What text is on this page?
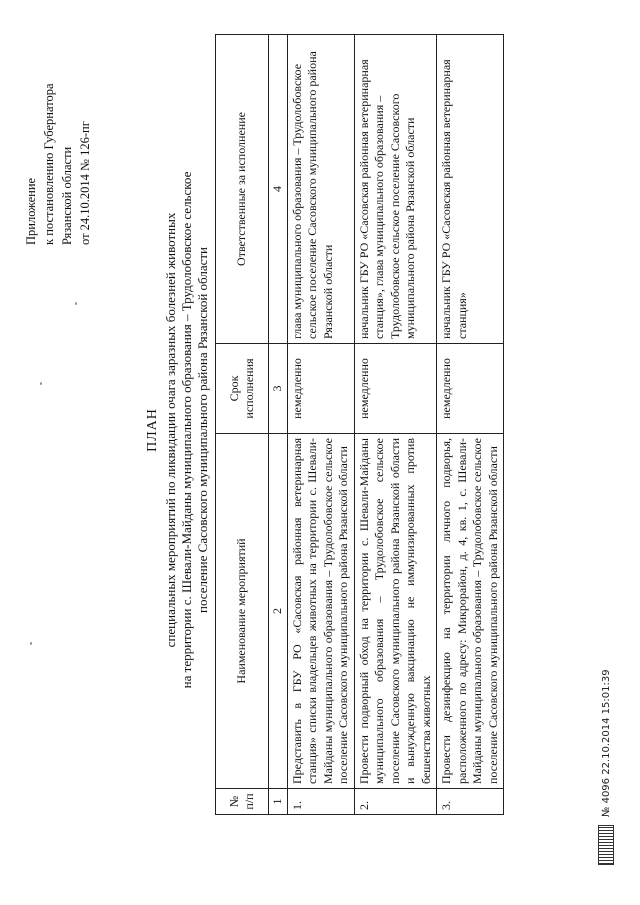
Приложение к постановлению Губернатора Рязанской области от 24.10.2014 № 126-пг
ПЛАН специальных мероприятий по ликвидации очага заразных болезней животных на территории с. Шевали-Майданы муниципального образования – Трудолобовское сельское поселение Сасовского муниципального района Рязанской области
№ п/п	Наименование мероприятий	Срок исполнения	Ответственные за исполнение
1	2	3	4
1.	Представить в ГБУ РО «Сасовская районная ветеринарная станция» списки владельцев животных на территории с. Шевали-Майданы муниципального образования – Трудолобовское сельское поселение Сасовского муниципального района Рязанской области	немедленно	глава муниципального образования – Трудолобовское сельское поселение Сасовского муниципального района Рязанской области
2.	Провести подворный обход на территории с. Шевали-Майданы муниципального образования – Трудолобовское сельское поселение Сасовского муниципального района Рязанской области и вынужденную вакцинацию не иммунизированных против бешенства животных	немедленно	начальник ГБУ РО «Сасовская районная ветеринарная станция», глава муниципального образования – Трудолобовское сельское поселение Сасовского муниципального района Рязанской области
3.	Провести дезинфекцию на территории личного подворья, расположенного по адресу: Микрорайон, д. 4, кв. 1, с. Шевали-Майданы муниципального образования – Трудолобовское сельское поселение Сасовского муниципального района Рязанской области	немедленно	начальник ГБУ РО «Сасовская районная ветеринарная станция»
№ 4096 22.10.2014 15:01:39
